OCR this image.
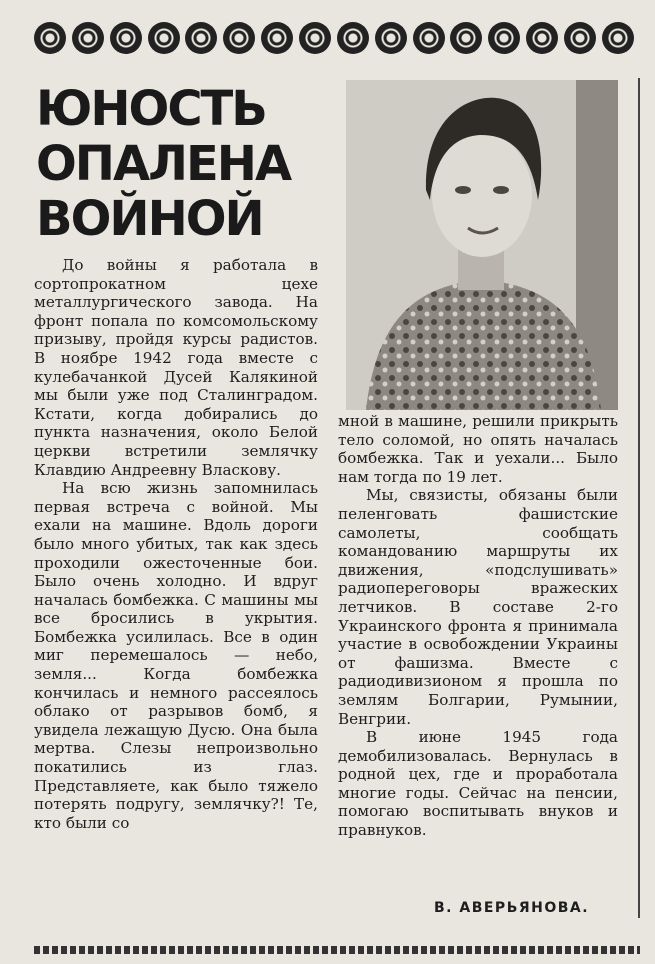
ЮНОСТЬ
ОПАЛЕНА
ВОЙНОЙ

До войны я работала в сортопрокатном цехе металлургического завода. На фронт попала по комсомольскому призыву, пройдя курсы радистов. В ноябре 1942 года вместе с кулебачанкой Дусей Калякиной мы были уже под Сталинградом. Кстати, когда добирались до пункта назначения, около Белой церкви встретили землячку Клавдию Андреевну Власкову.

На всю жизнь запомнилась первая встреча с войной. Мы ехали на машине. Вдоль дороги было много убитых, так как здесь проходили ожесточенные бои. Было очень холодно. И вдруг началась бомбежка. С машины мы все бросились в укрытия. Бомбежка усилилась. Все в один миг перемешалось — небо, земля... Когда бомбежка кончилась и немного рассеялось облако от разрывов бомб, я увидела лежащую Дусю. Она была мертва. Слезы непроизвольно покатились из глаз. Представляете, как было тяжело потерять подругу, землячку?! Те, кто были со

мной в машине, решили прикрыть тело соломой, но опять началась бомбежка. Так и уехали... Было нам тогда по 19 лет.

Мы, связисты, обязаны были пеленговать фашистские самолеты, сообщать командованию маршруты их движения, «подслушивать» радиопереговоры вражеских летчиков. В составе 2-го Украинского фронта я принимала участие в освобождении Украины от фашизма. Вместе с радиодивизионом я прошла по землям Болгарии, Румынии, Венгрии.

В июне 1945 года демобилизовалась. Вернулась в родной цех, где и проработала многие годы. Сейчас на пенсии, помогаю воспитывать внуков и правнуков.

В. АВЕРЬЯНОВА.
